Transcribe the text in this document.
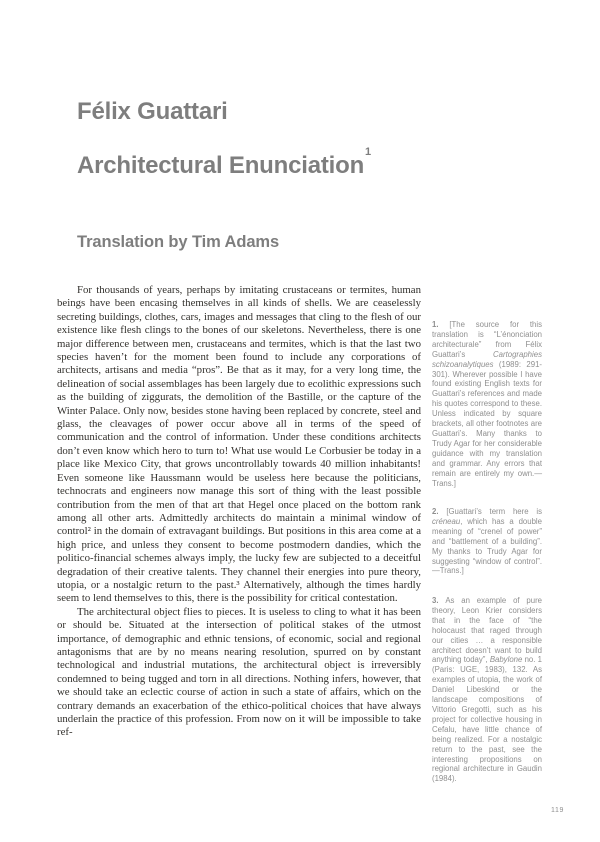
Félix Guattari
Architectural Enunciation$^1$
Translation by Tim Adams

For thousands of years, perhaps by imitating crustaceans or termites, human beings have been encasing themselves in all kinds of shells. We are ceaselessly secreting buildings, clothes, cars, images and messages that cling to the flesh of our existence like flesh clings to the bones of our skeletons. Nevertheless, there is one major difference between men, crustaceans and termites, which is that the last two species haven’t for the moment been found to include any corporations of architects, artisans and media “pros”. Be that as it may, for a very long time, the delineation of social assemblages has been largely due to ecolithic expressions such as the building of ziggurats, the demolition of the Bastille, or the capture of the Winter Palace. Only now, besides stone having been replaced by concrete, steel and glass, the cleavages of power occur above all in terms of the speed of communication and the control of information. Under these conditions architects don’t even know which hero to turn to! What use would Le Corbusier be today in a place like Mexico City, that grows uncontrollably towards 40 million inhabitants! Even someone like Haussmann would be useless here because the politicians, technocrats and engineers now manage this sort of thing with the least possible contribution from the men of that art that Hegel once placed on the bottom rank among all other arts. Admittedly architects do maintain a minimal window of control² in the domain of extravagant buildings. But positions in this area come at a high price, and unless they consent to become postmodern dandies, which the politico-financial schemes always imply, the lucky few are subjected to a deceitful degradation of their creative talents. They channel their energies into pure theory, utopia, or a nostalgic return to the past.³ Alternatively, although the times hardly seem to lend themselves to this, there is the possibility for critical contestation.

The architectural object flies to pieces. It is useless to cling to what it has been or should be. Situated at the intersection of political stakes of the utmost importance, of demographic and ethnic tensions, of economic, social and regional antagonisms that are by no means nearing resolution, spurred on by constant technological and industrial mutations, the architectural object is irreversibly condemned to being tugged and torn in all directions. Nothing infers, however, that we should take an eclectic course of action in such a state of affairs, which on the contrary demands an exacerbation of the ethico-political choices that have always underlain the practice of this profession. From now on it will be impossible to take ref-

1. [The source for this translation is “L’énonciation architecturale” from Félix Guattari’s Cartographies schizoanalytiques (1989: 291-301). Wherever possible I have found existing English texts for Guattari’s references and made his quotes correspond to these. Unless indicated by square brackets, all other footnotes are Guattari’s. Many thanks to Trudy Agar for her considerable guidance with my translation and grammar. Any errors that remain are entirely my own.—Trans.]
2. [Guattari’s term here is créneau, which has a double meaning of “crenel of power” and “battlement of a building”. My thanks to Trudy Agar for suggesting “window of control”.—Trans.]
3. As an example of pure theory, Leon Krier considers that in the face of “the holocaust that raged through our cities … a responsible architect doesn’t want to build anything today”, Babylone no. 1 (Paris: UGE, 1983), 132. As examples of utopia, the work of Daniel Libeskind or the landscape compositions of Vittorio Gregotti, such as his project for collective housing in Cefalu, have little chance of being realized. For a nostalgic return to the past, see the interesting propositions on regional architecture in Gaudin (1984).
119
